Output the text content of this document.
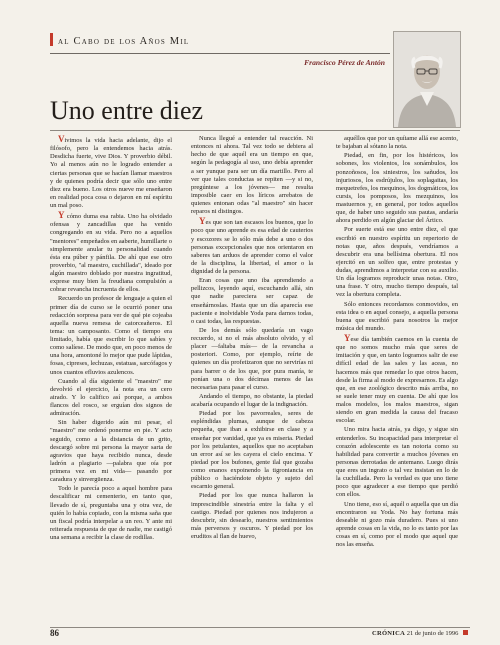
al Cabo de los Años Mil
Francisco Pérez de Antón
Uno entre diez

Vivimos la vida hacia adelante, dijo el filósofo, pero la entendemos hacia atrás. Desdicha fuerte, vive Dios. Y proverbio débil. Yo al menos aún no le logrado entender a ciertas personas que se hacían llamar maestros y de quienes podría decir que sólo uno entre diez era bueno. Los otros nueve me enseñaron en realidad poca cosa o dejaron en mí espíritu un mal poso.

Y cómo duma esa rabia. Uno ha olvidado ofensas y zancadillas que ha venido congregando en su vida. Pero no a aquellos "mentores" empeñados en aaberte, humillarte o simplemente anular tu personalidad cuando ésta era púber y pánfila. De ahí que ese otro proverbio, "al maestro, cuchillada", ideado por algún maestro doblado por nuestra ingratitud, exprese muy bien la freudiana compulsión a cobrar revancha incruenta de ellos.

Recuerdo un profesor de lenguaje a quien el primer día de curso se le ocurrió poner una redacción sorpresa para ver de qué pie cojeaba aquella nueva remesa de catorceañeros. El tema: un camposanto. Como el tiempo era limitado, había que escribir lo que sabíes y como salíese. De modo que, en poco menos de una hora, amontoné lo mejor que pude lápidas, fosas, cipreses, lechuzas, estatuas, sarcófagos y unos cuantos efluvios azulencos.

Cuando al día siguiente el "maestro" me devolvió el ejercicio, la nota era un cero airado. Y lo califico así porque, a ambos flancos del rosco, se erguían dos signos de admiración.

Sin haber digerido aún mi pesar, el "maestro" me ordenó ponerme en pie. Y acto seguido, como a la distancia de un grito, descargó sobre mi persona la mayor sarta de agravios que haya recibido nunca, desde ladrón a plagiario —palabra que oía por primera vez en mi vida— pasando por caradura y sinvergüenza.

Todo le parecía poco a aquel hombre para descalificar mi cementerio, en tanto que, llevado de sí, preguntaba una y otra vez, de quién lo había copiado, con la misma saña que un fiscal podría interpelar a un reo. Y ante mi reiterada respuesta de que de nadie, me castigó una semana a recibir la clase de rodillas.

Nunca llegué a entender tal reacción. Ni entonces ni ahora. Tal vez todo se debiera al hecho de que aquél era un tiempo en que, según la pedagogía al uso, uno debía aprender a ser yunque para ser un día martillo. Pero al ver que tales conductas se repiten —y si no, pregúntese a los jóvenes— me resulta imposible caer en los líricos arrebatos de quienes entonan odas "al maestro" sin hacer reparos ni distingos.

Yes que son tan escasos los buenos, que lo poco que uno aprende es esa edad de cauterios y escozores se lo sólo más debe a uno o dos personas excepcionales que nos orientaron en saberes tan arduos de aprender como el valor de la disciplina, la libertad, el amor o la dignidad de la persona.

Eran cosas que uno iba aprendiendo a pellizcos, leyendo aquí, escuchando allá, sin que nadie pareciera ser capaz de enseñárnoslas. Hasta que un día aparecía ese paciente e inolvidable Yoda para darnos todas, o casi todas, las respuestas.

De los demás sólo quedaría un vago recuerdo, si no el más absoluto olvido, y el placer —faltaba más— de la revancha a posteriori. Como, por ejemplo, reírte de quienes un día profetizaron que no servirías ni para barrer o de los que, por pura manía, te ponían una o dos décimas menos de las necesarias para pasar el curso.

Andando el tiempo, no obstante, la piedad acabaría ocupando el lugar de la indignación.

Piedad por los pavorreales, seres de espléndidas plumas, aunque de cabeza pequeña, que iban a exhibirse en clase y a enseñar por vanidad, que ya es miseria. Piedad por los petulantes, aquellos que no aceptaban un error así se les cayera el cielo encima. Y piedad por los bufones, gente ilal que gozaba como enanos expoinendo la tigroniancia en público o haciéndote objeto y sujeto del escarnio general.

Piedad por los que nunca hallaron la imprescindible sinestría entre la falta y el castigo. Piedad por quienes nos indujeron a descubrir, sin desearlo, nuestros sentimientos más perversos y oscuros. Y piedad por los eruditos al flan de huevo,

aquéllos que por un quítame allá ese acento, te bajaban al sótano la nota.

Piedad, en fin, por los histéricos, los sobones, los violentos, los sonámbulos, los ponzoñosos, los siniestros, los sañudos, los injuriosos, los esdrújulos, los soplagaitas, los mequetrefes, los mequinos, los dogmáticos, los cursis, los pomposos, los mezquinos, los mastuernos y, en general, por todos aquellos que, de haber uno seguido sus pautas, andaría ahora perdido en algún glaciar del Ártico.

Por suerte está ese uno entre diez, el que escribió en nuestro espíritu un repertorio de notas que, años después, vendríamos a descubrir era una bellísima obertura. El nos ejercitó en un solfeo que, entre protestas y dudas, aprendimos a interpretar con su auxilio. Un día logramos reproducir unas notas. Otro, una frase. Y otro, mucho tiempo después, tal vez la obertura completa.

Sólo entonces recordamos conmovidos, en esta idea o en aquel consejo, a aquella persona buena que escribió para nosotros la mejor música del mundo.

Yese día también caemos en la cuenta de que no somos mucho más que seres de imitación y que, en tanto logramos salir de ese difícil edad de las sales y las aceas, no hacemos más que remedar lo que otros hacen, desde la firma al modo de expresarnos. Es algo que, en ese zoológico descrito más arriba, no se suele tener muy en cuenta. De ahí que los malos modelos, los malos maestros, sigan siendo en gran medida la causa del fracaso escolar.

Uno mira hacia atrás, ya digo, y sigue sin entenderlos. Su incapacidad para interpretar el corazón adolescente es tan notoria como su habilidad para convertir a muchos jóvenes en personas derrotadas de antemano. Luego dirás que eres un ingrato o tal vez insistan en lo de la cuchillada. Pero la verdad es que uno tiene poco que agradecer a ese tiempo que perdió con ellos.

Uno tiene, eso sí, aquél o aquella que un día encontraron su Yoda. No hay fortuna más deseable ni gozo más duradero. Pues si uno aprende cosas en la vida, no lo es tanto por las cosas en sí, como por el modo que aquel que nos las enseña.

86	CRÓNICA 21 de junio de 1996
